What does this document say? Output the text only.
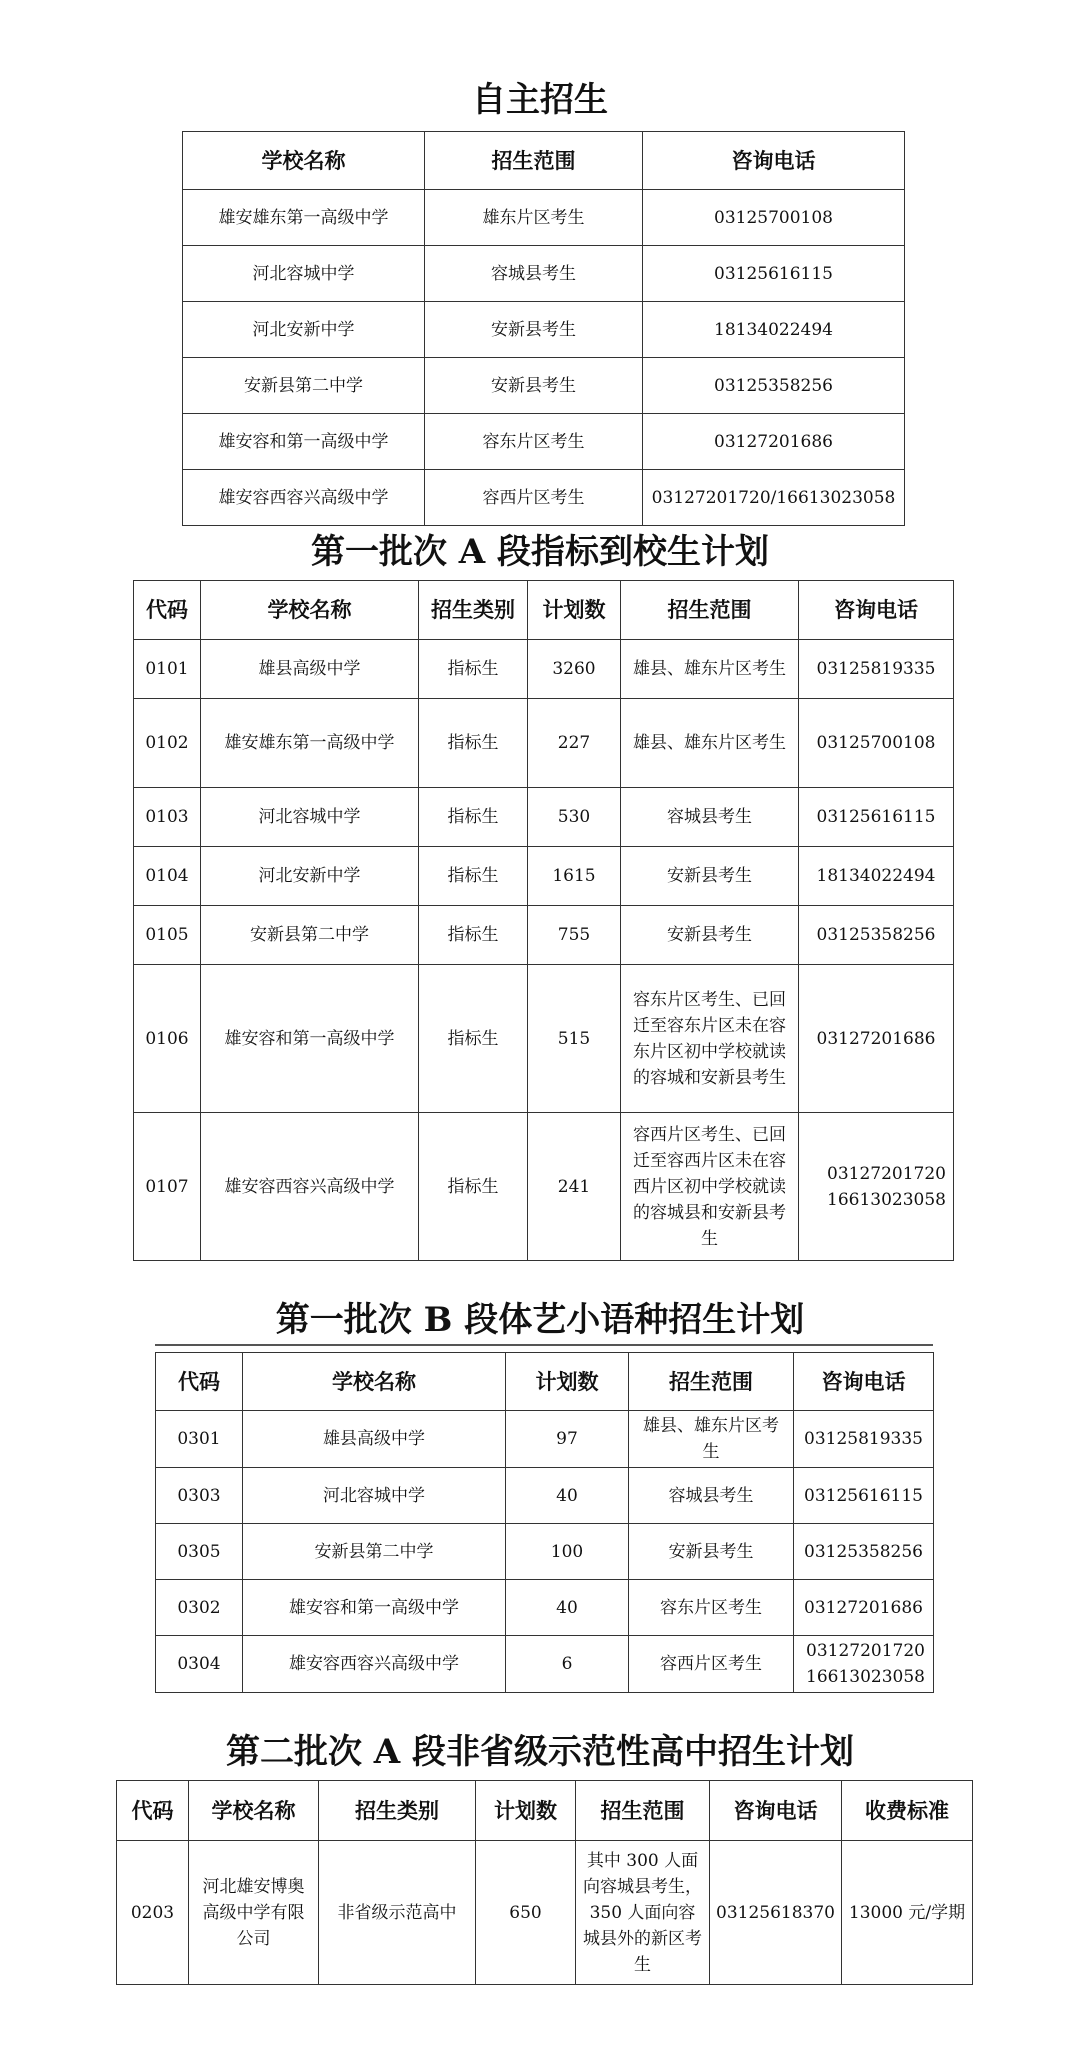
自主招生
学校名称	招生范围	咨询电话
雄安雄东第一高级中学	雄东片区考生	03125700108
河北容城中学	容城县考生	03125616115
河北安新中学	安新县考生	18134022494
安新县第二中学	安新县考生	03125358256
雄安容和第一高级中学	容东片区考生	03127201686
雄安容西容兴高级中学	容西片区考生	03127201720/16613023058
第一批次 A 段指标到校生计划
代码	学校名称	招生类别	计划数	招生范围	咨询电话
0101	雄县高级中学	指标生	3260	雄县、雄东片区考生	03125819335
0102	雄安雄东第一高级中学	指标生	227	雄县、雄东片区考生	03125700108
0103	河北容城中学	指标生	530	容城县考生	03125616115
0104	河北安新中学	指标生	1615	安新县考生	18134022494
0105	安新县第二中学	指标生	755	安新县考生	03125358256
0106	雄安容和第一高级中学	指标生	515	容东片区考生、已回迁至容东片区未在容东片区初中学校就读的容城和安新县考生	03127201686
0107	雄安容西容兴高级中学	指标生	241	容西片区考生、已回迁至容西片区未在容西片区初中学校就读的容城县和安新县考生	03127201720 16613023058
第一批次 B 段体艺小语种招生计划
代码	学校名称	计划数	招生范围	咨询电话
0301	雄县高级中学	97	雄县、雄东片区考生	03125819335
0303	河北容城中学	40	容城县考生	03125616115
0305	安新县第二中学	100	安新县考生	03125358256
0302	雄安容和第一高级中学	40	容东片区考生	03127201686
0304	雄安容西容兴高级中学	6	容西片区考生	03127201720 16613023058
第二批次 A 段非省级示范性高中招生计划
代码	学校名称	招生类别	计划数	招生范围	咨询电话	收费标准
0203	河北雄安博奥高级中学有限公司	非省级示范高中	650	其中 300 人面向容城县考生，350 人面向容城县外的新区考生	03125618370	13000 元/学期
